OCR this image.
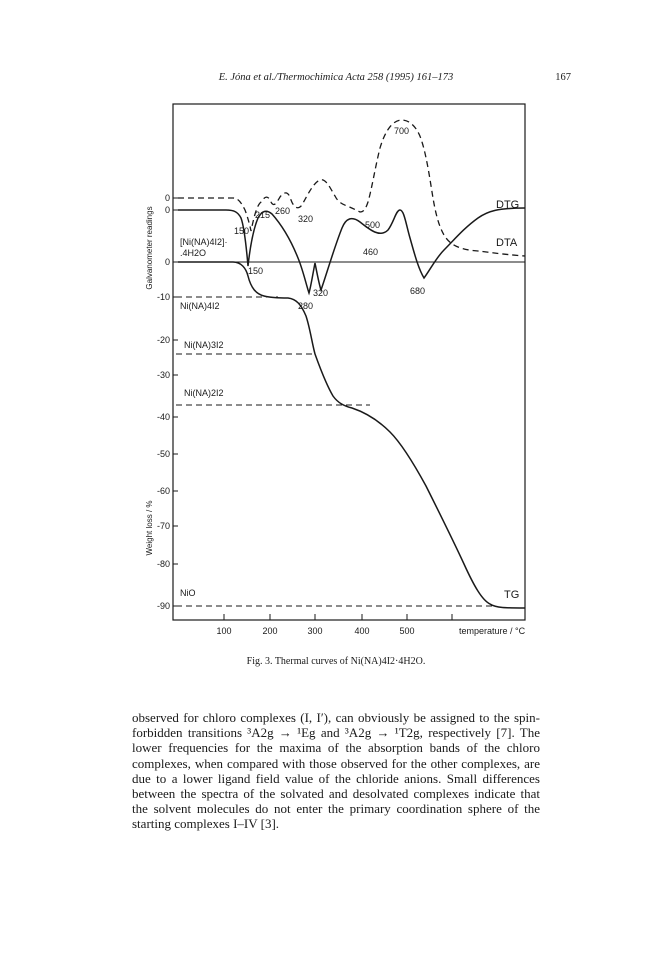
E. Jóna et al./Thermochimica Acta 258 (1995) 161–173	167
Galvanometer readings
Weight loss / %
0
0
0
-10
-20
-30
-40
-50
-60
-70
-80
-90
100	200	300	400	500	temperature / °C
DTG
DTA
TG
[Ni(NA)4I2]·
.4H2O
Ni(NA)4I2
Ni(NA)3I2
Ni(NA)2I2
NiO
700
215 260
320
500
150
150
460
320
280
680
Fig. 3. Thermal curves of Ni(NA)4I2·4H2O.

observed for chloro complexes (I, I′), can obviously be assigned to the spin-forbidden transitions ³A2g → ¹Eg and ³A2g → ¹T2g, respectively [7]. The lower frequencies for the maxima of the absorption bands of the chloro complexes, when compared with those observed for the other complexes, are due to a lower ligand field value of the chloride anions. Small differences between the spectra of the solvated and desolvated complexes indicate that the solvent molecules do not enter the primary coordination sphere of the starting complexes I–IV [3].
